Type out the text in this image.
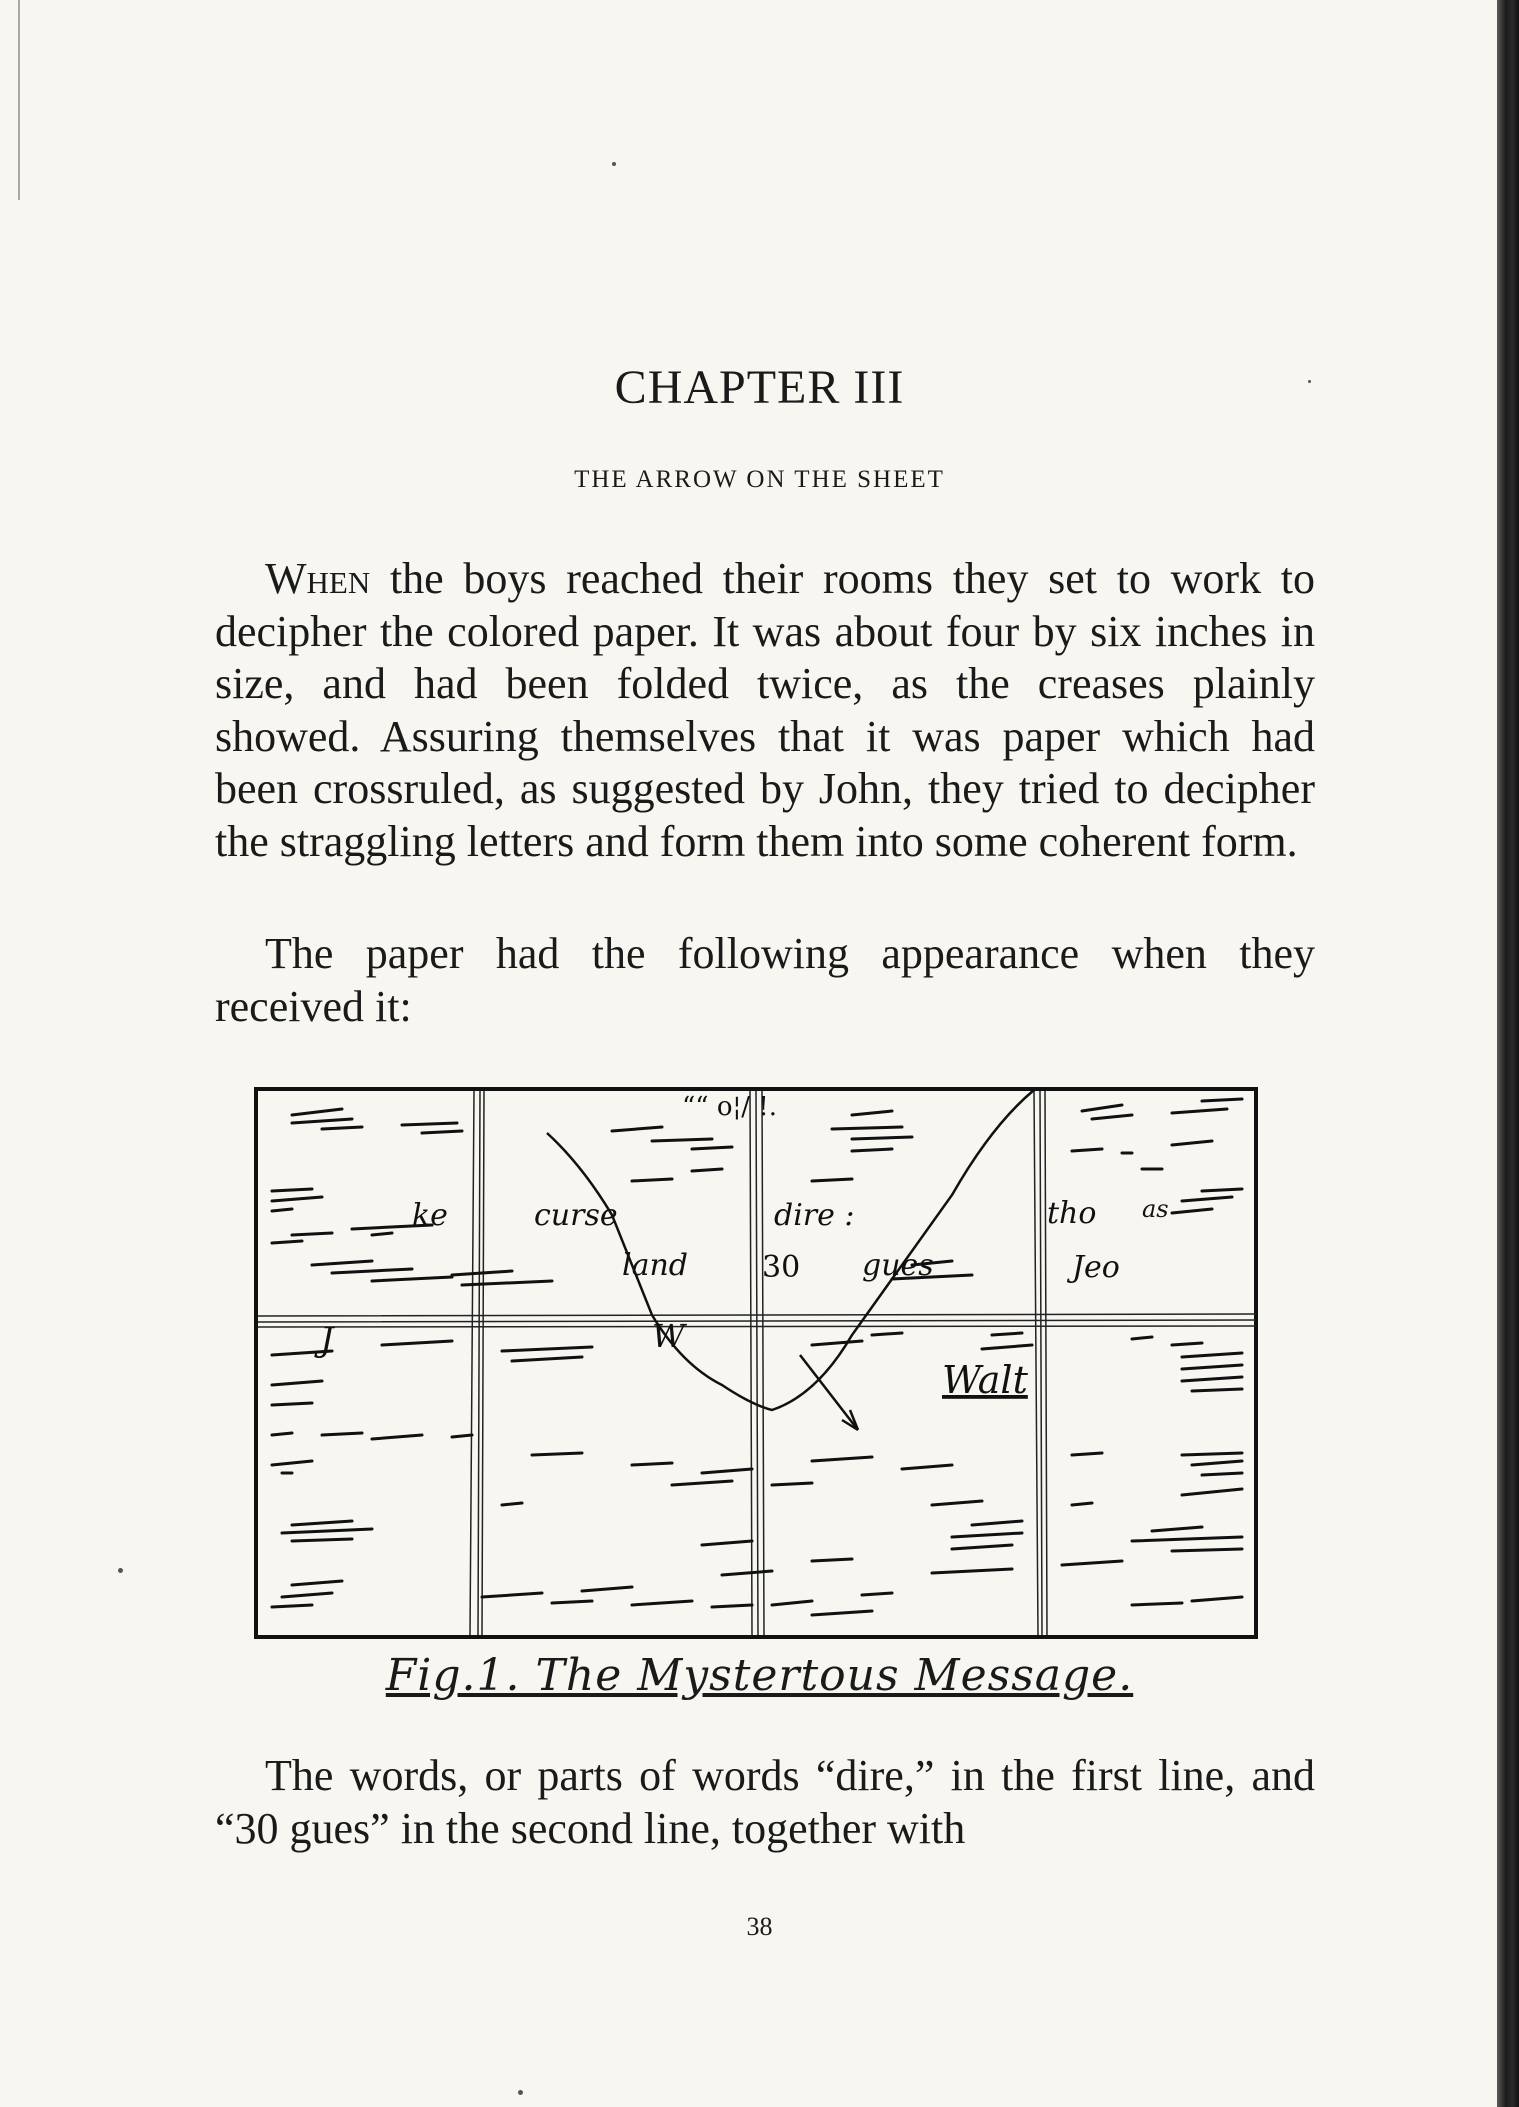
CHAPTER III
THE ARROW ON THE SHEET

When the boys reached their rooms they set to work to decipher the colored paper. It was about four by six inches in size, and had been folded twice, as the creases plainly showed. Assuring themselves that it was paper which had been crossruled, as suggested by John, they tried to decipher the straggling letters and form them into some coherent form.

The paper had the following appearance when they received it:

““ o¦/ !.
ke	curse	dire :	tho as
land 30 gues	Jeo
J	W
Walt
Fig.1. The Mystertous Message.

The words, or parts of words “dire,” in the first line, and “30 gues” in the second line, together with

38
